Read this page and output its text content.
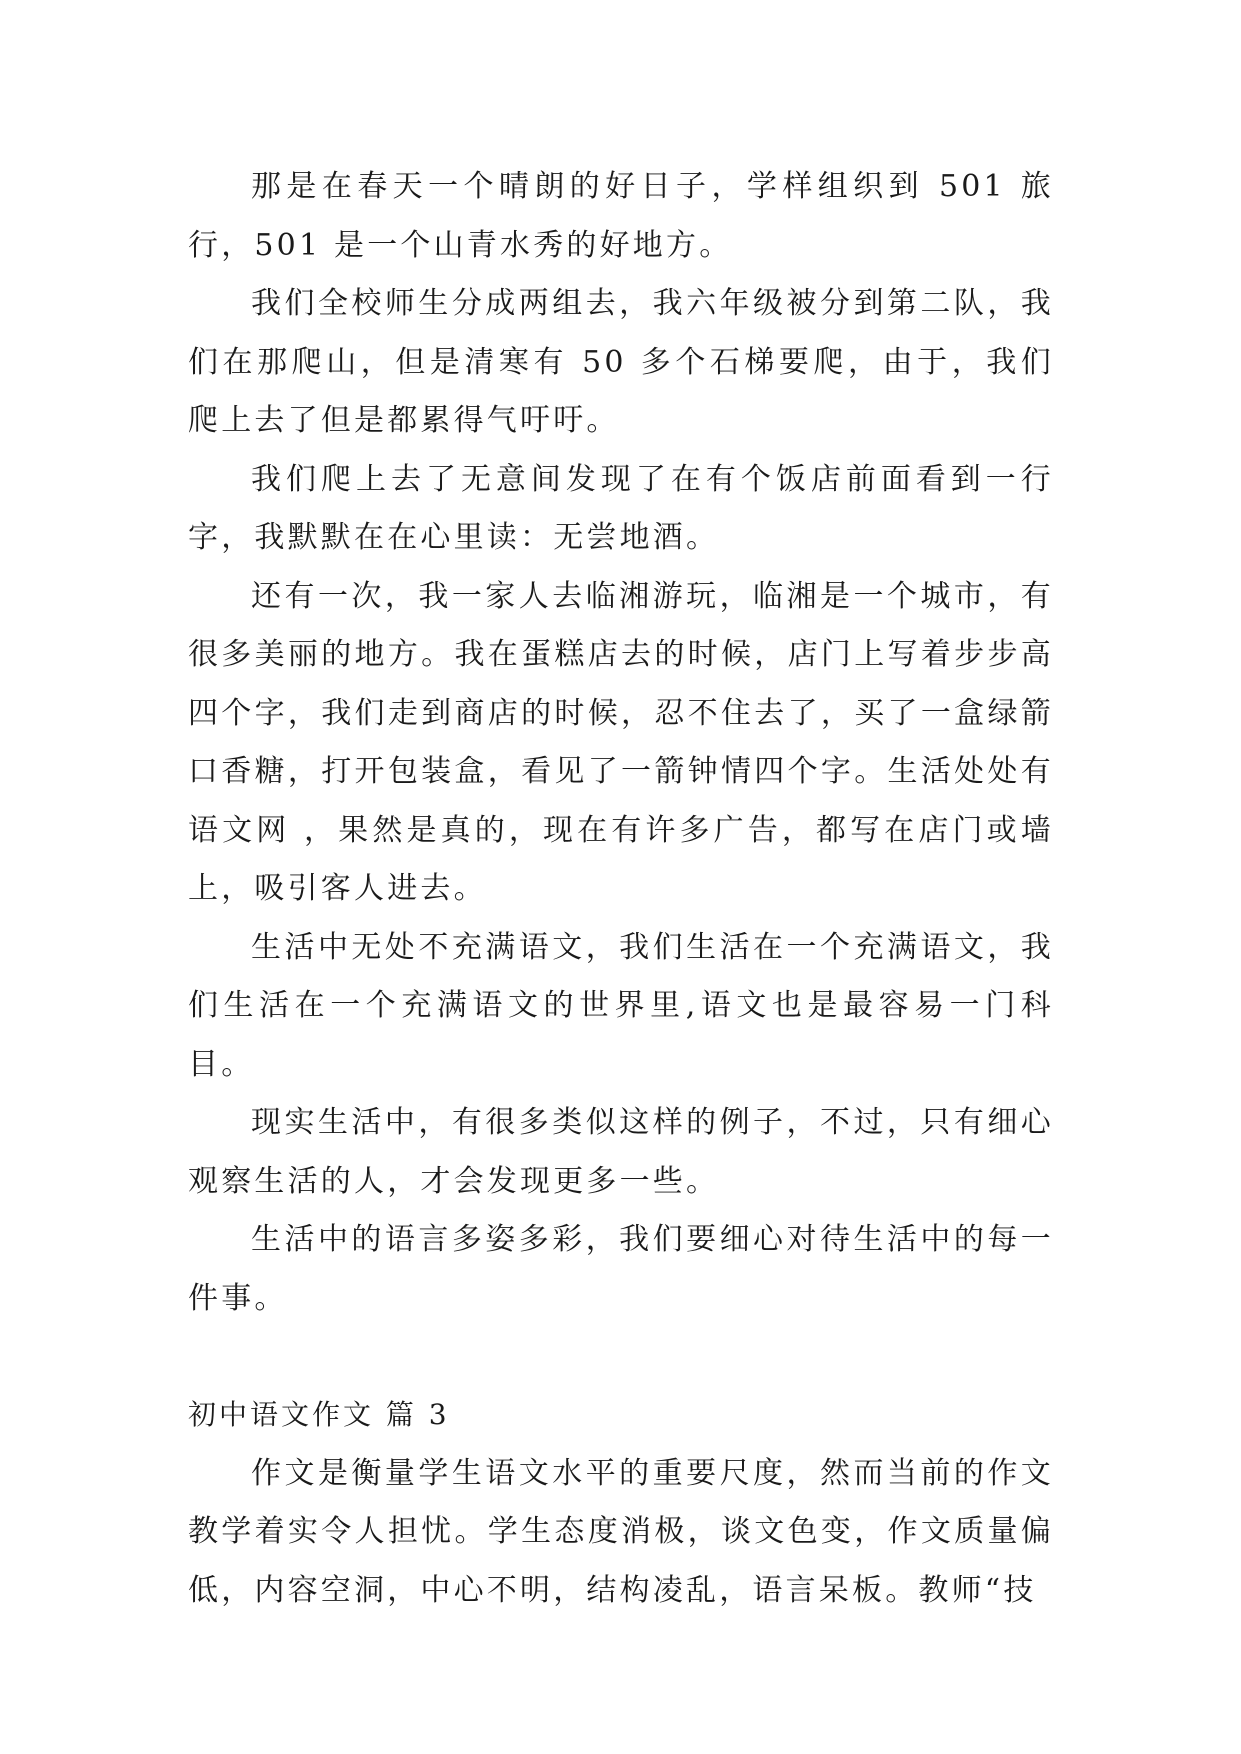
那是在春天一个晴朗的好日子，学样组织到 501 旅行，501 是一个山青水秀的好地方。

我们全校师生分成两组去，我六年级被分到第二队，我们在那爬山，但是清寒有 50 多个石梯要爬，由于，我们爬上去了但是都累得气吁吁。

我们爬上去了无意间发现了在有个饭店前面看到一行字，我默默在在心里读：无尝地酒。

还有一次，我一家人去临湘游玩，临湘是一个城市，有很多美丽的地方。我在蛋糕店去的时候，店门上写着步步高四个字，我们走到商店的时候，忍不住去了，买了一盒绿箭口香糖，打开包装盒，看见了一箭钟情四个字。生活处处有语文网 ，果然是真的，现在有许多广告，都写在店门或墙上，吸引客人进去。

生活中无处不充满语文，我们生活在一个充满语文，我们生活在一个充满语文的世界里,语文也是最容易一门科目。

现实生活中，有很多类似这样的例子，不过，只有细心观察生活的人，才会发现更多一些。

生活中的语言多姿多彩，我们要细心对待生活中的每一件事。

初中语文作文 篇 3

作文是衡量学生语文水平的重要尺度，然而当前的作文教学着实令人担忧。学生态度消极，谈文色变，作文质量偏低，内容空洞，中心不明，结构凌乱，语言呆板。教师“技
